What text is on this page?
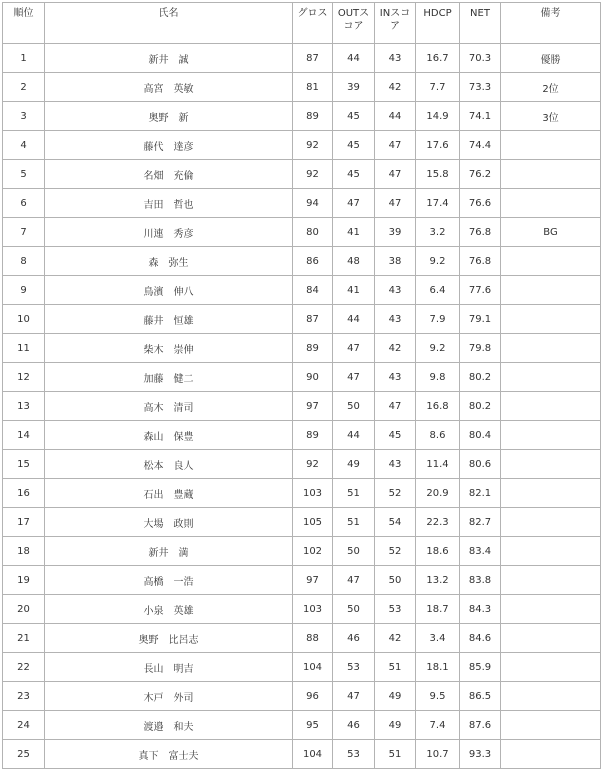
順位	氏名	グロス	OUTスコア	INスコア	HDCP	NET	備考
1	新井　誠	87	44	43	16.7	70.3	優勝
2	高宮　英敏	81	39	42	7.7	73.3	2位
3	奥野　新	89	45	44	14.9	74.1	3位
4	藤代　達彦	92	45	47	17.6	74.4	
5	名畑　充倫	92	45	47	15.8	76.2	
6	吉田　哲也	94	47	47	17.4	76.6	
7	川連　秀彦	80	41	39	3.2	76.8	BG
8	森　弥生	86	48	38	9.2	76.8	
9	鳥濱　伸八	84	41	43	6.4	77.6	
10	藤井　恒雄	87	44	43	7.9	79.1	
11	柴木　崇伸	89	47	42	9.2	79.8	
12	加藤　健二	90	47	43	9.8	80.2	
13	高木　清司	97	50	47	16.8	80.2	
14	森山　保豊	89	44	45	8.6	80.4	
15	松本　良人	92	49	43	11.4	80.6	
16	石出　豊蔵	103	51	52	20.9	82.1	
17	大場　政則	105	51	54	22.3	82.7	
18	新井　満	102	50	52	18.6	83.4	
19	高橋　一浩	97	47	50	13.2	83.8	
20	小泉　英雄	103	50	53	18.7	84.3	
21	奥野　比呂志	88	46	42	3.4	84.6	
22	長山　明吉	104	53	51	18.1	85.9	
23	木戸　外司	96	47	49	9.5	86.5	
24	渡邉　和夫	95	46	49	7.4	87.6	
25	真下　富士夫	104	53	51	10.7	93.3	
